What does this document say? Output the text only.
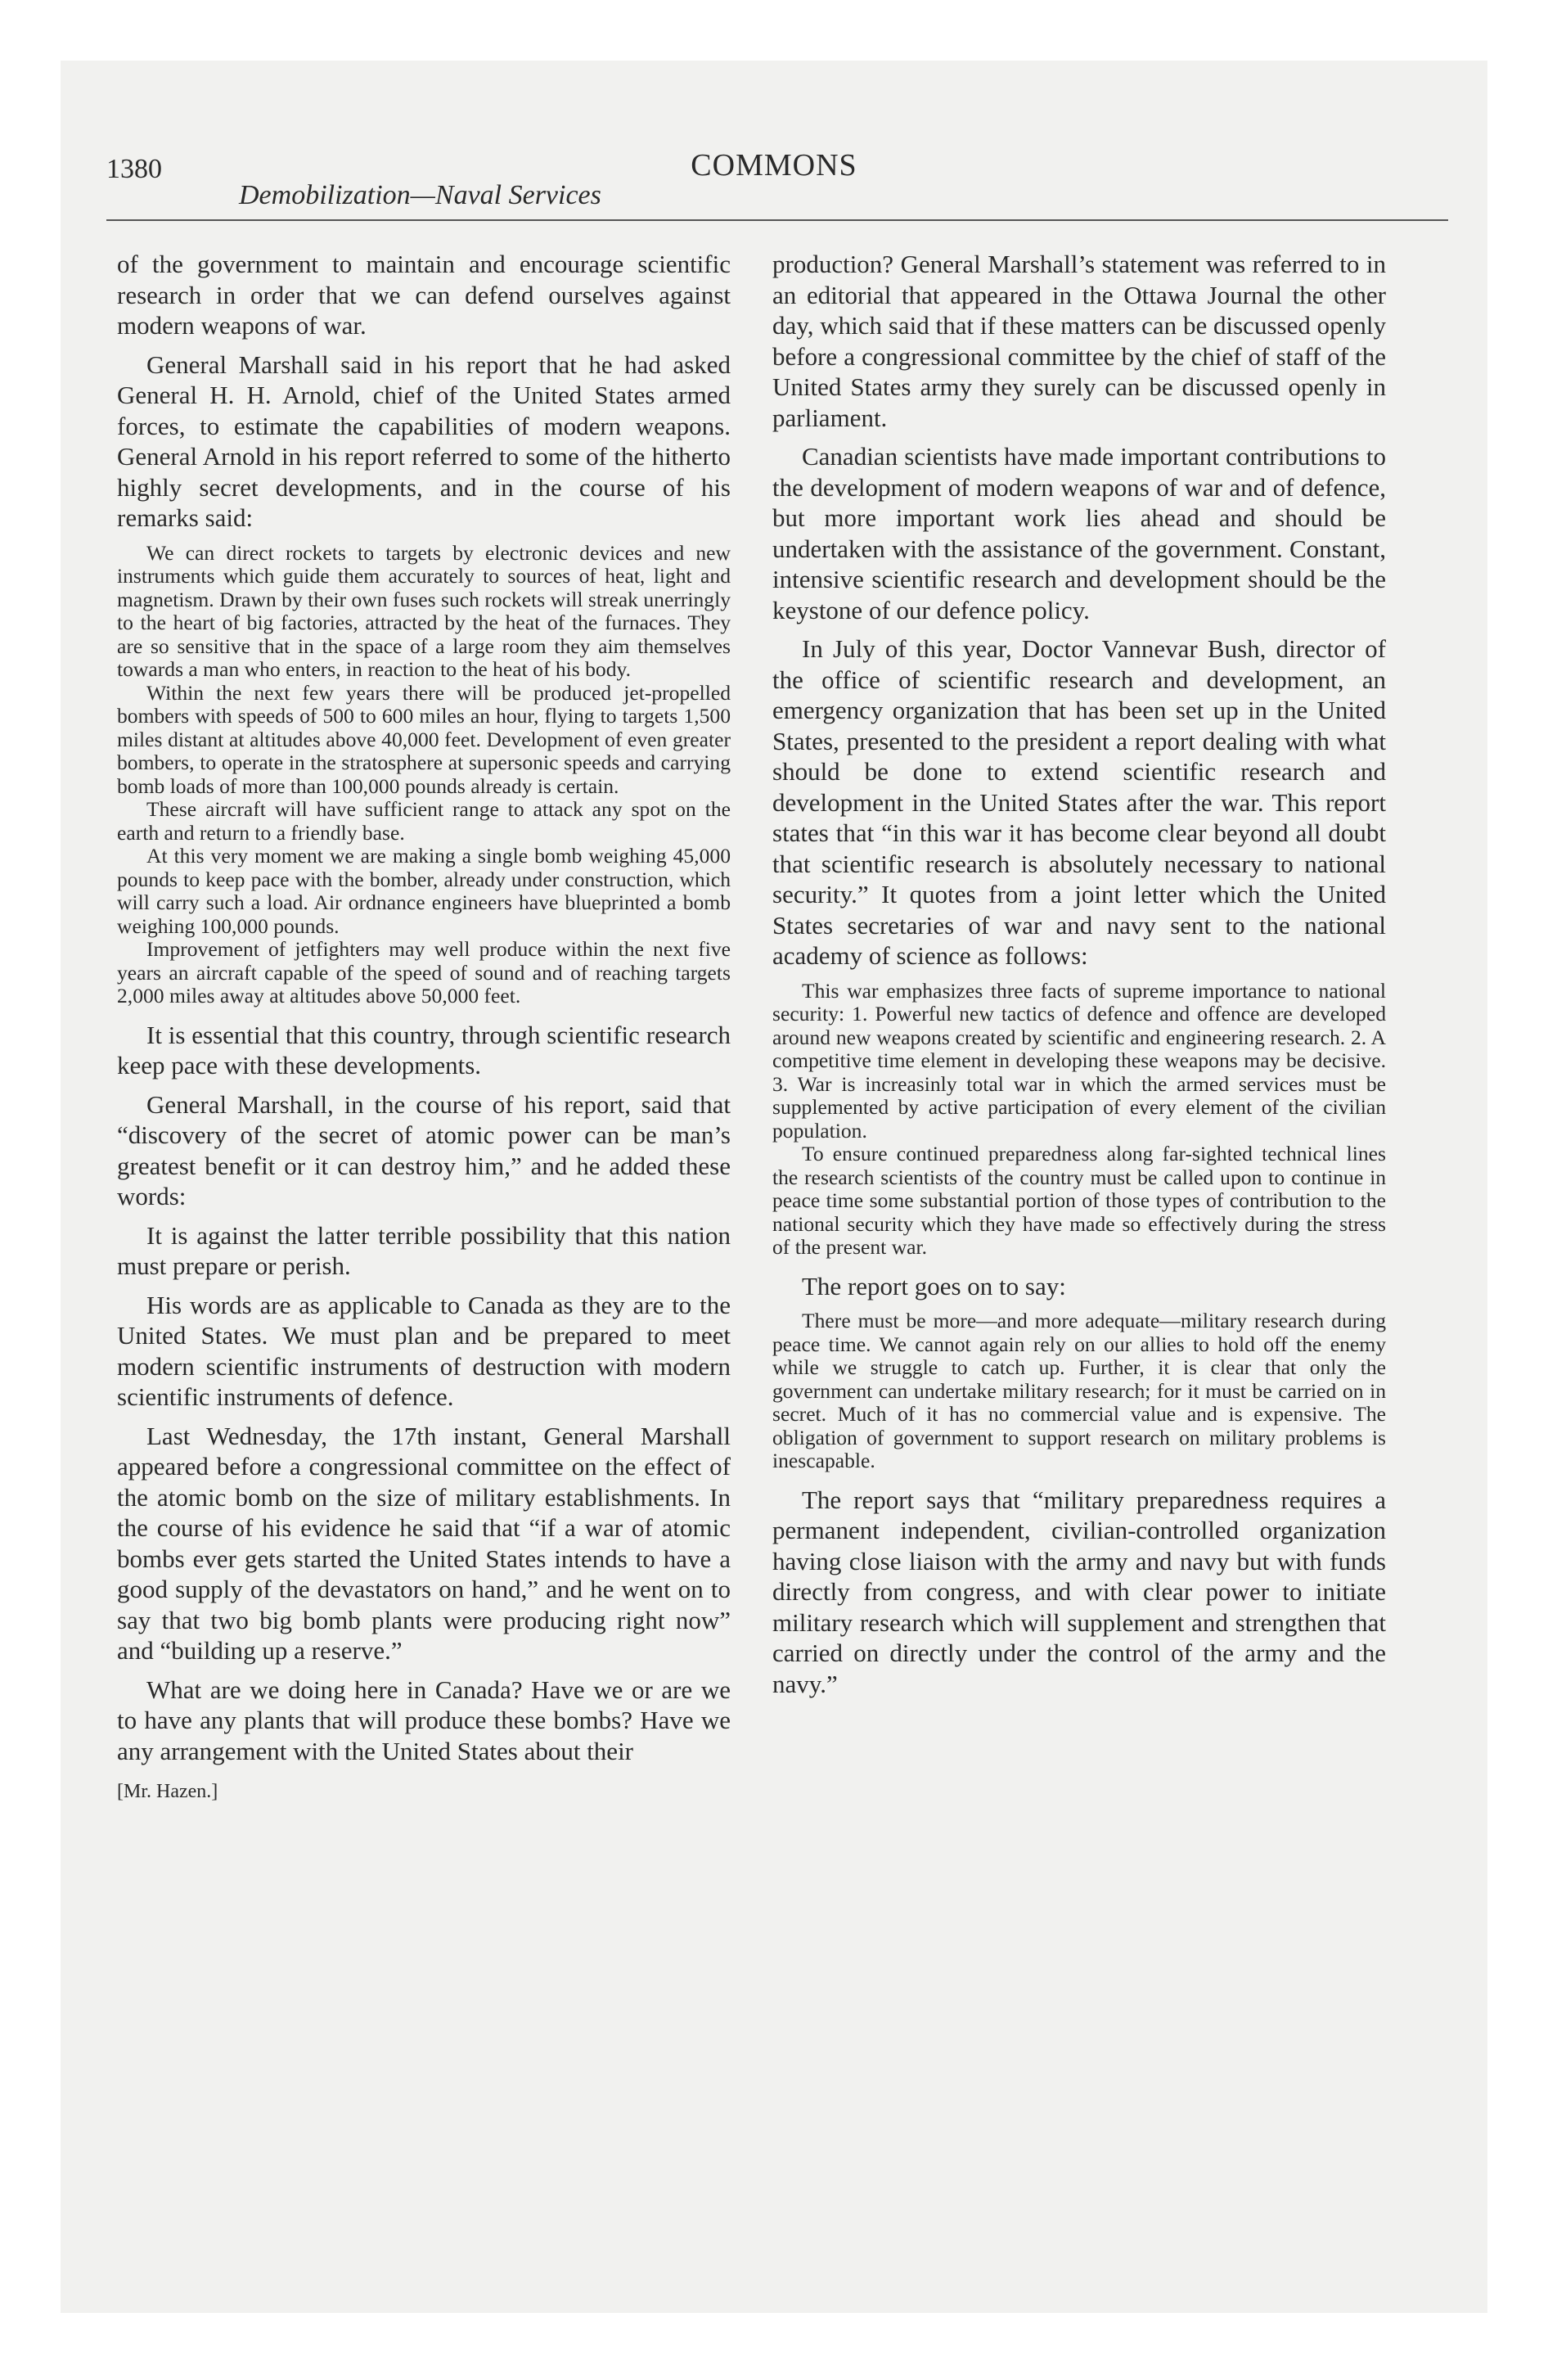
1380	COMMONS
Demobilization—Naval Services

of the government to maintain and encourage scientific research in order that we can defend ourselves against modern weapons of war.

General Marshall said in his report that he had asked General H. H. Arnold, chief of the United States armed forces, to estimate the capabilities of modern weapons. General Arnold in his report referred to some of the hitherto highly secret developments, and in the course of his remarks said:

We can direct rockets to targets by electronic devices and new instruments which guide them accurately to sources of heat, light and magnetism. Drawn by their own fuses such rockets will streak unerringly to the heart of big factories, attracted by the heat of the furnaces. They are so sensitive that in the space of a large room they aim themselves towards a man who enters, in reaction to the heat of his body.

Within the next few years there will be produced jet-propelled bombers with speeds of 500 to 600 miles an hour, flying to targets 1,500 miles distant at altitudes above 40,000 feet. Development of even greater bombers, to operate in the stratosphere at supersonic speeds and carrying bomb loads of more than 100,000 pounds already is certain.

These aircraft will have sufficient range to attack any spot on the earth and return to a friendly base.

At this very moment we are making a single bomb weighing 45,000 pounds to keep pace with the bomber, already under construction, which will carry such a load. Air ordnance engineers have blueprinted a bomb weighing 100,000 pounds.

Improvement of jetfighters may well produce within the next five years an aircraft capable of the speed of sound and of reaching targets 2,000 miles away at altitudes above 50,000 feet.

It is essential that this country, through scientific research keep pace with these developments.

General Marshall, in the course of his report, said that “discovery of the secret of atomic power can be man’s greatest benefit or it can destroy him,” and he added these words:

It is against the latter terrible possibility that this nation must prepare or perish.

His words are as applicable to Canada as they are to the United States. We must plan and be prepared to meet modern scientific instruments of destruction with modern scientific instruments of defence.

Last Wednesday, the 17th instant, General Marshall appeared before a congressional committee on the effect of the atomic bomb on the size of military establishments. In the course of his evidence he said that “if a war of atomic bombs ever gets started the United States intends to have a good supply of the devastators on hand,” and he went on to say that two big bomb plants were producing right now” and “building up a reserve.”

What are we doing here in Canada? Have we or are we to have any plants that will produce these bombs? Have we any arrangement with the United States about their

[Mr. Hazen.]

production? General Marshall’s statement was referred to in an editorial that appeared in the Ottawa Journal the other day, which said that if these matters can be discussed openly before a congressional committee by the chief of staff of the United States army they surely can be discussed openly in parliament.

Canadian scientists have made important contributions to the development of modern weapons of war and of defence, but more important work lies ahead and should be undertaken with the assistance of the government. Constant, intensive scientific research and development should be the keystone of our defence policy.

In July of this year, Doctor Vannevar Bush, director of the office of scientific research and development, an emergency organization that has been set up in the United States, presented to the president a report dealing with what should be done to extend scientific research and development in the United States after the war. This report states that “in this war it has become clear beyond all doubt that scientific research is absolutely necessary to national security.” It quotes from a joint letter which the United States secretaries of war and navy sent to the national academy of science as follows:

This war emphasizes three facts of supreme importance to national security: 1. Powerful new tactics of defence and offence are developed around new weapons created by scientific and engineering research. 2. A competitive time element in developing these weapons may be decisive. 3. War is increasinly total war in which the armed services must be supplemented by active participation of every element of the civilian population.

To ensure continued preparedness along far-sighted technical lines the research scientists of the country must be called upon to continue in peace time some substantial portion of those types of contribution to the national security which they have made so effectively during the stress of the present war.

The report goes on to say:

There must be more—and more adequate—military research during peace time. We cannot again rely on our allies to hold off the enemy while we struggle to catch up. Further, it is clear that only the government can undertake military research; for it must be carried on in secret. Much of it has no commercial value and is expensive. The obligation of government to support research on military problems is inescapable.

The report says that “military preparedness requires a permanent independent, civilian-controlled organization having close liaison with the army and navy but with funds directly from congress, and with clear power to initiate military research which will supplement and strengthen that carried on directly under the control of the army and the navy.”
